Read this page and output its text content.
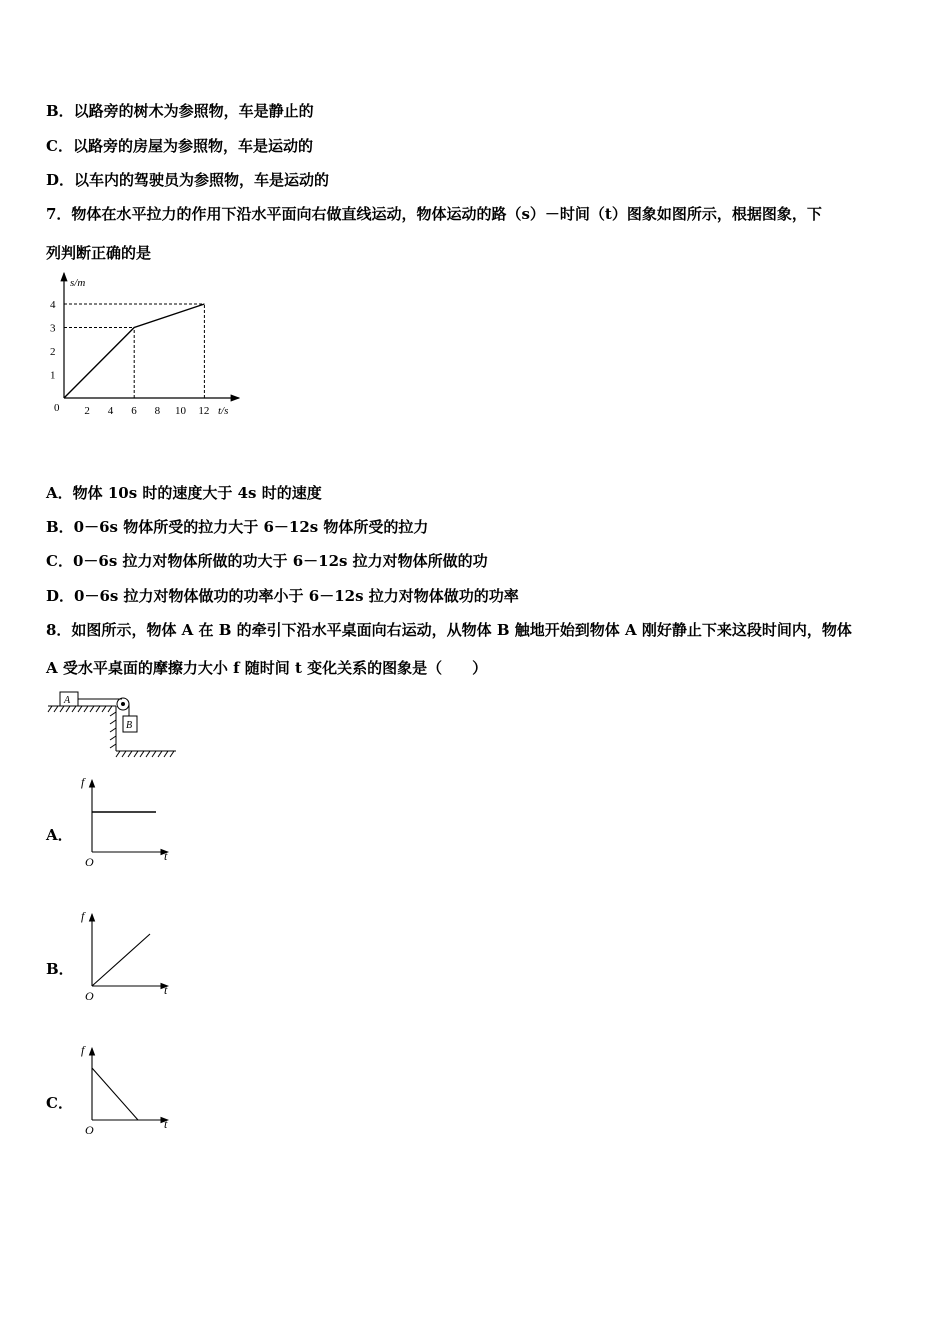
B．以路旁的树木为参照物，车是静止的
C．以路旁的房屋为参照物，车是运动的
D．以车内的驾驶员为参照物，车是运动的
7．物体在水平拉力的作用下沿水平面向右做直线运动，物体运动的路（s）－时间（t）图象如图所示，根据图象，下
列判断正确的是
s/m
t/s
0 2 4 6 8 10 12
1
2
3
4
A．物体 10s 时的速度大于 4s 时的速度
B．0－6s 物体所受的拉力大于 6－12s 物体所受的拉力
C．0－6s 拉力对物体所做的功大于 6－12s 拉力对物体所做的功
D．0－6s 拉力对物体做功的功率小于 6－12s 拉力对物体做功的功率
8．如图所示，物体 A 在 B 的牵引下沿水平桌面向右运动，从物体 B 触地开始到物体 A 刚好静止下来这段时间内，物体
A 受水平桌面的摩擦力大小 f 随时间 t 变化关系的图象是（　　）
A
B
A．
f
t
O
B．
f
t
O
C．
f
t
O
